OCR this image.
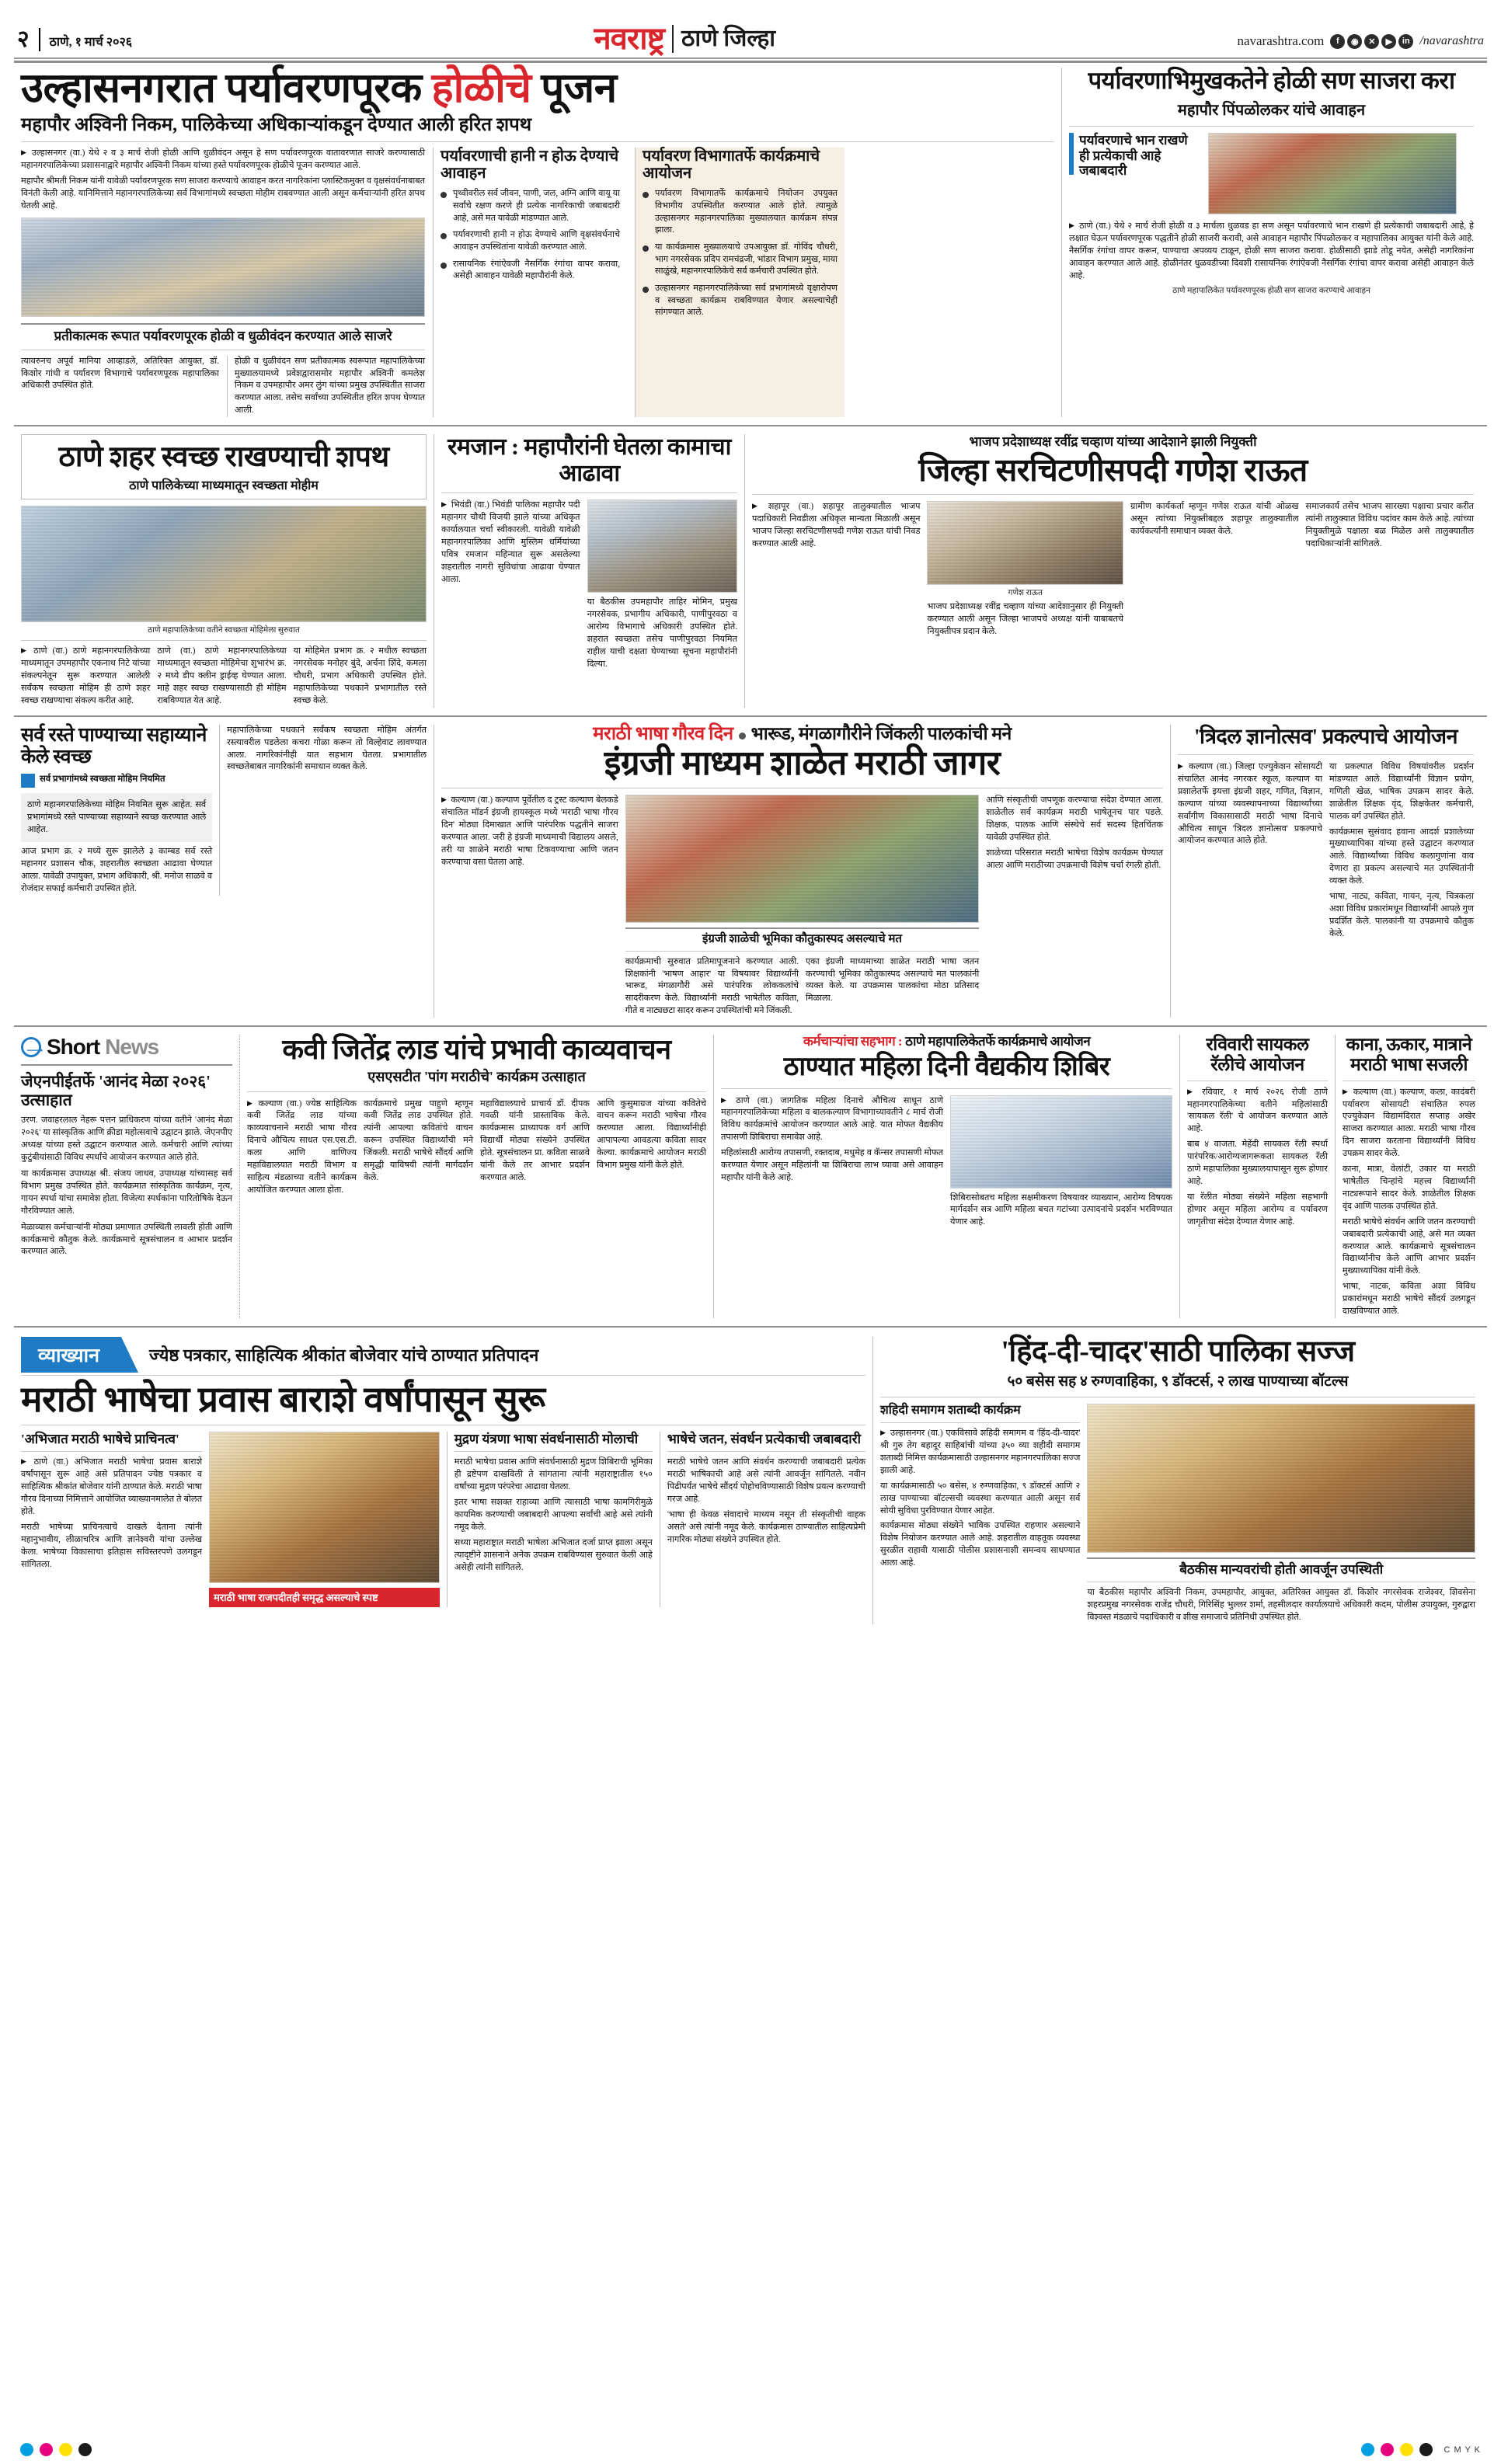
२	ठाणे, १ मार्च २०२६	नवराष्ट्र ठाणे जिल्हा	navarashtra.com	f	◉	✕	▶	in /navarashtra
उल्हासनगरात पर्यावरणपूरक होळीचे पूजन
महापौर अश्विनी निकम, पालिकेच्या अधिकाऱ्यांकडून देण्यात आली हरित शपथ
▶ उल्हासनगर (वा.) येथे २ व ३ मार्च रोजी होळी आणि धुळीवंदन असून हे सण पर्यावरणपूरक वातावरणात साजरे करण्यासाठी महानगरपालिकेच्या प्रशासनाद्वारे महापौर अश्विनी निकम यांच्या हस्ते पर्यावरणपूरक होळीचे पूजन करण्यात आले.
महापौर श्रीमती निकम यांनी यावेळी पर्यावरणपूरक सण साजरा करण्याचे आवाहन करत नागरिकांना प्लास्टिकमुक्त व वृक्षसंवर्धनाबाबत विनंती केली आहे. यानिमित्ताने महानगरपालिकेच्या सर्व विभागांमध्ये स्वच्छता मोहीम राबवण्यात आली असून कर्मचाऱ्यांनी हरित शपथ घेतली आहे.
प्रतीकात्मक रूपात पर्यावरणपूरक होळी व धुळीवंदन करण्यात आले साजरे
त्यावरुनच अपूर्व मानिया आव्हाडले, अतिरिक्त आयुक्त, डॉ. किशोर गांधी व पर्यावरण विभागाचे पर्यावरणपूरक महापालिका अधिकारी उपस्थित होते.
होळी व धुळीवंदन सण प्रतीकात्मक स्वरूपात महापालिकेच्या मुख्यालयामध्ये प्रवेशद्वारासमोर महापौर अश्विनी कमलेश निकम व उपमहापौर अमर लुंग यांच्या प्रमुख उपस्थितीत साजरा करण्यात आला. तसेच सर्वांच्या उपस्थितीत हरित शपथ घेण्यात आली.
पर्यावरणाची हानी न होऊ देण्याचे आवाहन
पृथ्वीवरील सर्व जीवन, पाणी, जल, अग्नि आणि वायू या सर्वांचे रक्षण करणे ही प्रत्येक नागरिकाची जबाबदारी आहे, असे मत यावेळी मांडण्यात आले.
पर्यावरणाची हानी न होऊ देण्याचे आणि वृक्षसंवर्धनाचे आवाहन उपस्थितांना यावेळी करण्यात आले.
रासायनिक रंगांऐवजी नैसर्गिक रंगांचा वापर करावा, असेही आवाहन यावेळी महापौरांनी केले.
पर्यावरण विभागातर्फे कार्यक्रमाचे आयोजन
पर्यावरण विभागातर्फे कार्यक्रमाचे नियोजन उपयुक्त विभागीय उपस्थितीत करण्यात आले होते. त्यामुळे उल्हासनगर महानगरपालिका मुख्यालयात कार्यक्रम संपन्न झाला.
या कार्यक्रमास मुख्यालयाचे उपआयुक्त डॉ. गोविंद चौधरी, भाग नगरसेवक प्रदिप रामचंद्रजी, भांडार विभाग प्रमुख, माया साळुंखे, महानगरपालिकेचे सर्व कर्मचारी उपस्थित होते.
उल्हासनगर महानगरपालिकेच्या सर्व प्रभागांमध्ये वृक्षारोपण व स्वच्छता कार्यक्रम राबविण्यात येणार असल्याचेही सांगण्यात आले.
पर्यावरणाभिमुखकतेने होळी सण साजरा करा
महापौर पिंपळोलकर यांचे आवाहन
पर्यावरणाचे भान राखणे ही प्रत्येकाची आहे जबाबदारी
▶ ठाणे (वा.) येथे २ मार्च रोजी होळी व ३ मार्चला धुळवड हा सण असून पर्यावरणाचे भान राखणे ही प्रत्येकाची जबाबदारी आहे, हे लक्षात घेऊन पर्यावरणपूरक पद्धतीने होळी साजरी करावी, असे आवाहन महापौर पिंपळोलकर व महापालिका आयुक्त यांनी केले आहे. नैसर्गिक रंगांचा वापर करून, पाण्याचा अपव्यय टाळून, होळी सण साजरा करावा. होळीसाठी झाडे तोडू नयेत, असेही नागरिकांना आवाहन करण्यात आले आहे. होळीनंतर धुळवडीच्या दिवशी रासायनिक रंगांऐवजी नैसर्गिक रंगांचा वापर करावा असेही आवाहन केले आहे.
ठाणे महापालिकेत पर्यावरणपूरक होळी सण साजरा करण्याचे आवाहन
ठाणे शहर स्वच्छ राखण्याची शपथ
ठाणे पालिकेच्या माध्यमातून स्वच्छता मोहीम
ठाणे महापालिकेच्या वतीने स्वच्छता मोहिमेला सुरुवात
▶ ठाणे (वा.) ठाणे महानगरपालिकेच्या माध्यमातून उपमहापौर एकनाथ निटे यांच्या संकल्पनेतून सुरू करण्यात आलेली सर्वंकष स्वच्छता मोहिम ही ठाणे शहर स्वच्छ राखण्याचा संकल्प करीत आहे.
ठाणे (वा.) ठाणे महानगरपालिकेच्या माध्यमातून स्वच्छता मोहिमेचा शुभारंभ क्र. २ मध्ये डीप क्लीन ड्राईव्ह घेण्यात आला. माहे शहर स्वच्छ राखण्यासाठी ही मोहिम राबविण्यात येत आहे.
या मोहिमेत प्रभाग क्र. २ मधील स्वच्छता नगरसेवक मनोहर बुंदे, अर्चना शिंदे, कमला चौधरी, प्रभाग अधिकारी उपस्थित होते. महापालिकेच्या पथकाने प्रभागातील रस्ते स्वच्छ केले.
रमजान : महापौरांनी घेतला कामाचा आढावा
▶ भिवंडी (वा.) भिवंडी पालिका महापौर पदी महानगर चौथी विजयी झाले यांच्या अधिकृत कार्यालयात चर्चा स्वीकारली. यावेळी यावेळी महानगरपालिका आणि मुस्लिम धर्मियांच्या पवित्र रमजान महिन्यात सुरू असलेल्या शहरातील नागरी सुविधांचा आढावा घेण्यात आला.
या बैठकीस उपमहापौर ताहिर मोमिन, प्रमुख नगरसेवक, प्रभागीय अधिकारी, पाणीपुरवठा व आरोग्य विभागाचे अधिकारी उपस्थित होते. शहरात स्वच्छता तसेच पाणीपुरवठा नियमित राहील याची दक्षता घेण्याच्या सूचना महापौरांनी दिल्या.
भाजप प्रदेशाध्यक्ष रवींद्र चव्हाण यांच्या आदेशाने झाली नियुक्ती
जिल्हा सरचिटणीसपदी गणेश राऊत
▶ शहापूर (वा.) शहापूर तालुक्यातील भाजप पदाधिकारी निवडीला अधिकृत मान्यता मिळाली असून भाजप जिल्हा सरचिटणीसपदी गणेश राऊत यांची निवड करण्यात आली आहे.
गणेश राऊत
भाजप प्रदेशाध्यक्ष रवींद्र चव्हाण यांच्या आदेशानुसार ही नियुक्ती करण्यात आली असून जिल्हा भाजपचे अध्यक्ष यांनी याबाबतचे नियुक्तीपत्र प्रदान केले.
ग्रामीण कार्यकर्ता म्हणून गणेश राऊत यांची ओळख असून त्यांच्या नियुक्तीबद्दल शहापूर तालुक्यातील कार्यकर्त्यांनी समाधान व्यक्त केले.
समाजकार्य तसेच भाजप सारख्या पक्षाचा प्रचार करीत त्यांनी तालुक्यात विविध पदांवर काम केले आहे. त्यांच्या नियुक्तीमुळे पक्षाला बळ मिळेल असे तालुक्यातील पदाधिकाऱ्यांनी सांगितले.
सर्व रस्ते पाण्याच्या सहाय्याने केले स्वच्छ
सर्व प्रभागांमध्ये स्वच्छता मोहिम नियमित
ठाणे महानगरपालिकेच्या मोहिम नियमित सुरू आहेत. सर्व प्रभागांमध्ये रस्ते पाण्याच्या सहाय्याने स्वच्छ करण्यात आले आहेत.
आज प्रभाग क्र. २ मध्ये सुरू झालेले ३ काम्बड सर्व रस्ते महानगर प्रशासन चौक, शहरातील स्वच्छता आढावा घेण्यात आला. यावेळी उपायुक्त, प्रभाग अधिकारी, श्री. मनोज साळवे व रोजंदार सफाई कर्मचारी उपस्थित होते.
महापालिकेच्या पथकाने सर्वंकष स्वच्छता मोहिम अंतर्गत रस्त्यावरील पडलेला कचरा गोळा करून तो विल्हेवाट लावण्यात आला. नागरिकांनीही यात सहभाग घेतला. प्रभागातील स्वच्छतेबाबत नागरिकांनी समाधान व्यक्त केले.
मराठी भाषा गौरव दिन भारूड, मंगळागौरीने जिंकली पालकांची मने
इंग्रजी माध्यम शाळेत मराठी जागर
▶ कल्याण (वा.) कल्याण पूर्वेतील द ट्रस्ट कल्याण बेलकडे संचालित मॉडर्न इंग्रजी हायस्कूल मध्ये 'मराठी भाषा गौरव दिन' मोठ्या दिमाखात आणि पारंपरिक पद्धतीने साजरा करण्यात आला. जरी हे इंग्रजी माध्यमाची विद्यालय असले, तरी या शाळेने मराठी भाषा टिकवण्याचा आणि जतन करण्याचा वसा घेतला आहे.
इंग्रजी शाळेची भूमिका कौतुकास्पद असल्याचे मत
कार्यक्रमाची सुरुवात प्रतिमापूजनाने करण्यात आली. शिक्षकांनी 'भाषण आहार' या विषयावर विद्यार्थ्यांनी भारूड, मंगळागौरी असे पारंपरिक लोककलांचे सादरीकरण केले. विद्यार्थ्यांनी मराठी भाषेतील कविता, गीते व नाट्यछटा सादर करून उपस्थितांची मने जिंकली.
एका इंग्रजी माध्यमाच्या शाळेत मराठी भाषा जतन करण्याची भूमिका कौतुकास्पद असल्याचे मत पालकांनी व्यक्त केले. या उपक्रमास पालकांचा मोठा प्रतिसाद मिळाला.
आणि संस्कृतीची जपणूक करण्याचा संदेश देण्यात आला. शाळेतील सर्व कार्यक्रम मराठी भाषेतूनच पार पडले. शिक्षक, पालक आणि संस्थेचे सर्व सदस्य हितचिंतक यावेळी उपस्थित होते.
शाळेच्या परिसरात मराठी भाषेचा विशेष कार्यक्रम घेण्यात आला आणि मराठीच्या उपक्रमाची विशेष चर्चा रंगली होती.
'त्रिदल ज्ञानोत्सव' प्रकल्पाचे आयोजन
▶ कल्याण (वा.) जिल्हा एज्युकेशन सोसायटी संचालित आनंद नगरकर स्कूल, कल्याण या प्रशालेतर्फे इयत्ता इंग्रजी शहर, गणित, विज्ञान, कल्याण यांच्या व्यवस्थापनाच्या विद्यार्थ्यांच्या सर्वांगीण विकासासाठी मराठी भाषा दिनाचे औचित्य साधून 'त्रिदल ज्ञानोत्सव' प्रकल्पाचे आयोजन करण्यात आले होते.
या प्रकल्पात विविध विषयांवरील प्रदर्शन मांडण्यात आले. विद्यार्थ्यांनी विज्ञान प्रयोग, गणिती खेळ, भाषिक उपक्रम सादर केले. शाळेतील शिक्षक वृंद, शिक्षकेतर कर्मचारी, पालक वर्ग उपस्थित होते.
कार्यक्रमास सुसंवाद हवाना आदर्श प्रशालेच्या मुख्याध्यापिका यांच्या हस्ते उद्घाटन करण्यात आले. विद्यार्थ्यांच्या विविध कलागुणांना वाव देणारा हा प्रकल्प असल्याचे मत उपस्थितांनी व्यक्त केले.
भाषा, नाट्य, कविता, गायन, नृत्य, चित्रकला अशा विविध प्रकारांमधून विद्यार्थ्यांनी आपले गुण प्रदर्शित केले. पालकांनी या उपक्रमाचे कौतुक केले.
⟶ Short News
जेएनपीईतर्फे 'आनंद मेळा २०२६' उत्साहात
उरण. जवाहरलाल नेहरू पत्तन प्राधिकरण यांच्या वतीने 'आनंद मेळा २०२६' या सांस्कृतिक आणि क्रीडा महोत्सवाचे उद्घाटन झाले. जेएनपीए अध्यक्ष यांच्या हस्ते उद्घाटन करण्यात आले. कर्मचारी आणि त्यांच्या कुटुंबीयांसाठी विविध स्पर्धांचे आयोजन करण्यात आले होते.
या कार्यक्रमास उपाध्यक्ष श्री. संजय जाधव, उपाध्यक्ष यांच्यासह सर्व विभाग प्रमुख उपस्थित होते. कार्यक्रमात सांस्कृतिक कार्यक्रम, नृत्य, गायन स्पर्धा यांचा समावेश होता. विजेत्या स्पर्धकांना पारितोषिके देऊन गौरविण्यात आले.
मेळाव्यास कर्मचाऱ्यांनी मोठ्या प्रमाणात उपस्थिती लावली होती आणि कार्यक्रमाचे कौतुक केले. कार्यक्रमाचे सूत्रसंचालन व आभार प्रदर्शन करण्यात आले.
कवी जितेंद्र लाड यांचे प्रभावी काव्यवाचन
एसएसटीत 'पांग मराठीचे' कार्यक्रम उत्साहात
▶ कल्याण (वा.) ज्येष्ठ साहित्यिक कवी जितेंद्र लाड यांच्या काव्यवाचनाने मराठी भाषा गौरव दिनाचे औचित्य साधत एस.एस.टी. कला आणि वाणिज्य महाविद्यालयात मराठी विभाग व साहित्य मंडळाच्या वतीने कार्यक्रम आयोजित करण्यात आला होता.
कार्यक्रमाचे प्रमुख पाहुणे म्हणून कवी जितेंद्र लाड उपस्थित होते. त्यांनी आपल्या कवितांचे वाचन करून उपस्थित विद्यार्थ्यांची मने जिंकली. मराठी भाषेचे सौंदर्य आणि समृद्धी याविषयी त्यांनी मार्गदर्शन केले.
महाविद्यालयाचे प्राचार्य डॉ. दीपक गवळी यांनी प्रास्ताविक केले. कार्यक्रमास प्राध्यापक वर्ग आणि विद्यार्थी मोठ्या संख्येने उपस्थित होते. सूत्रसंचालन प्रा. कविता साळवे यांनी केले तर आभार प्रदर्शन करण्यात आले.
आणि कुसुमाग्रज यांच्या कवितेचे वाचन करून मराठी भाषेचा गौरव करण्यात आला. विद्यार्थ्यांनीही आपापल्या आवडत्या कविता सादर केल्या. कार्यक्रमाचे आयोजन मराठी विभाग प्रमुख यांनी केले होते.
कर्मचाऱ्यांचा सहभाग : ठाणे महापालिकेतर्फे कार्यक्रमाचे आयोजन
ठाण्यात महिला दिनी वैद्यकीय शिबिर
▶ ठाणे (वा.) जागतिक महिला दिनाचे औचित्य साधून ठाणे महानगरपालिकेच्या महिला व बालकल्याण विभागाच्यावतीने ८ मार्च रोजी विविध कार्यक्रमांचे आयोजन करण्यात आले आहे. यात मोफत वैद्यकीय तपासणी शिबिराचा समावेश आहे.
महिलांसाठी आरोग्य तपासणी, रक्तदाब, मधुमेह व कॅन्सर तपासणी मोफत करण्यात येणार असून महिलांनी या शिबिराचा लाभ घ्यावा असे आवाहन महापौर यांनी केले आहे.
शिबिरासोबतच महिला सक्षमीकरण विषयावर व्याख्यान, आरोग्य विषयक मार्गदर्शन सत्र आणि महिला बचत गटांच्या उत्पादनांचे प्रदर्शन भरविण्यात येणार आहे.
रविवारी सायकल रॅलीचे आयोजन
▶ रविवार, १ मार्च २०२६ रोजी ठाणे महानगरपालिकेच्या वतीने महिलांसाठी 'सायकल रॅली' चे आयोजन करण्यात आले आहे.
बाब ४ वाजता. मेहेंदी सायकल रॅली स्पर्धा पारंपरिक/आरोग्यजागरूकता सायकल रॅली ठाणे महापालिका मुख्यालयापासून सुरू होणार आहे.
या रॅलीत मोठ्या संख्येने महिला सहभागी होणार असून महिला आरोग्य व पर्यावरण जागृतीचा संदेश देण्यात येणार आहे.
काना, ऊकार, मात्राने मराठी भाषा सजली
▶ कल्याण (वा.) कल्याण, कला, कादंबरी पर्यावरण सोसायटी संचालित रुपल एज्युकेशन विद्यामंदिरात सप्ताह अखेर साजरा करण्यात आला. मराठी भाषा गौरव दिन साजरा करताना विद्यार्थ्यांनी विविध उपक्रम सादर केले.
काना, मात्रा, वेलांटी, उकार या मराठी भाषेतील चिन्हांचे महत्त्व विद्यार्थ्यांनी नाट्यरूपाने सादर केले. शाळेतील शिक्षक वृंद आणि पालक उपस्थित होते.
मराठी भाषेचे संवर्धन आणि जतन करण्याची जबाबदारी प्रत्येकाची आहे, असे मत व्यक्त करण्यात आले. कार्यक्रमाचे सूत्रसंचालन विद्यार्थ्यांनीच केले आणि आभार प्रदर्शन मुख्याध्यापिका यांनी केले.
भाषा, नाटक, कविता अशा विविध प्रकारांमधून मराठी भाषेचे सौंदर्य उलगडून दाखविण्यात आले.
व्याख्यान	ज्येष्ठ पत्रकार, साहित्यिक श्रीकांत बोजेवार यांचे ठाण्यात प्रतिपादन
मराठी भाषेचा प्रवास बाराशे वर्षांपासून सुरू
'अभिजात मराठी भाषेचे प्राचिनत्व'
▶ ठाणे (वा.) अभिजात मराठी भाषेचा प्रवास बाराशे वर्षांपासून सुरू आहे असे प्रतिपादन ज्येष्ठ पत्रकार व साहित्यिक श्रीकांत बोजेवार यांनी ठाण्यात केले. मराठी भाषा गौरव दिनाच्या निमित्ताने आयोजित व्याख्यानमालेत ते बोलत होते.
मराठी भाषेच्या प्राचिनत्वाचे दाखले देताना त्यांनी महानुभावीय, लीळाचरित्र आणि ज्ञानेश्वरी यांचा उल्लेख केला. भाषेच्या विकासाचा इतिहास सविस्तरपणे उलगडून सांगितला.
मराठी भाषा राजपदीतही समृद्ध असल्याचे स्पष्ट
मुद्रण यंत्रणा भाषा संवर्धनासाठी मोलाची
मराठी भाषेचा प्रवास आणि संवर्धनासाठी मुद्रण शिबिराची भूमिका ही द्रष्टेपण दाखविली ते सांगताना त्यांनी महाराष्ट्रातील १५० वर्षांच्या मुद्रण परंपरेचा आढावा घेतला.
इतर भाषा सशक्त राहाव्या आणि त्यासाठी भाषा कामगिरीमुळे कायमिक करण्याची जबाबदारी आपल्या सर्वांची आहे असे त्यांनी नमूद केले.
सध्या महाराष्ट्रात मराठी भाषेला अभिजात दर्जा प्राप्त झाला असून त्यादृष्टीने शासनाने अनेक उपक्रम राबविण्यास सुरुवात केली आहे असेही त्यांनी सांगितले.
भाषेचे जतन, संवर्धन प्रत्येकाची जबाबदारी
मराठी भाषेचे जतन आणि संवर्धन करण्याची जबाबदारी प्रत्येक मराठी भाषिकाची आहे असे त्यांनी आवर्जून सांगितले. नवीन पिढीपर्यंत भाषेचे सौंदर्य पोहोचविण्यासाठी विशेष प्रयत्न करण्याची गरज आहे.
'भाषा ही केवळ संवादाचे माध्यम नसून ती संस्कृतीची वाहक असते' असे त्यांनी नमूद केले. कार्यक्रमास ठाण्यातील साहित्यप्रेमी नागरिक मोठ्या संख्येने उपस्थित होते.
'हिंद-दी-चादर'साठी पालिका सज्ज
५० बसेस सह ४ रुग्णवाहिका, ९ डॉक्टर्स, २ लाख पाण्याच्या बॉटल्स
शहिदी समागम शताब्दी कार्यक्रम
▶ उल्हासनगर (वा.) एकविसावे शहिदी समागम व 'हिंद-दी-चादर' श्री गुरु तेग बहादूर साहिबांची यांच्या ३५० व्या शहीदी समागम शताब्दी निमित्त कार्यक्रमासाठी उल्हासनगर महानगरपालिका सज्ज झाली आहे.
या कार्यक्रमासाठी ५० बसेस, ४ रुग्णवाहिका, ९ डॉक्टर्स आणि २ लाख पाण्याच्या बॉटल्सची व्यवस्था करण्यात आली असून सर्व सोयी सुविधा पुरविण्यात येणार आहेत.
कार्यक्रमास मोठ्या संख्येने भाविक उपस्थित राहणार असल्याने विशेष नियोजन करण्यात आले आहे. शहरातील वाहतूक व्यवस्था सुरळीत राहावी यासाठी पोलीस प्रशासनाशी समन्वय साधण्यात आला आहे.	बैठकीस मान्यवरांची होती आवर्जून उपस्थिती
या बैठकीस महापौर अश्विनी निकम, उपमहापौर, आयुक्त, अतिरिक्त आयुक्त डॉ. किशोर नगरसेवक राजेश्वर, शिवसेना शहरप्रमुख नगरसेवक राजेंद्र चौधरी, गिरिसिंह भुल्लर शर्मा, तहसीलदार कार्यालयाचे अधिकारी कदम, पोलीस उपायुक्त, गुरुद्वारा विश्वस्त मंडळाचे पदाधिकारी व शीख समाजाचे प्रतिनिधी उपस्थित होते.
C M Y K
